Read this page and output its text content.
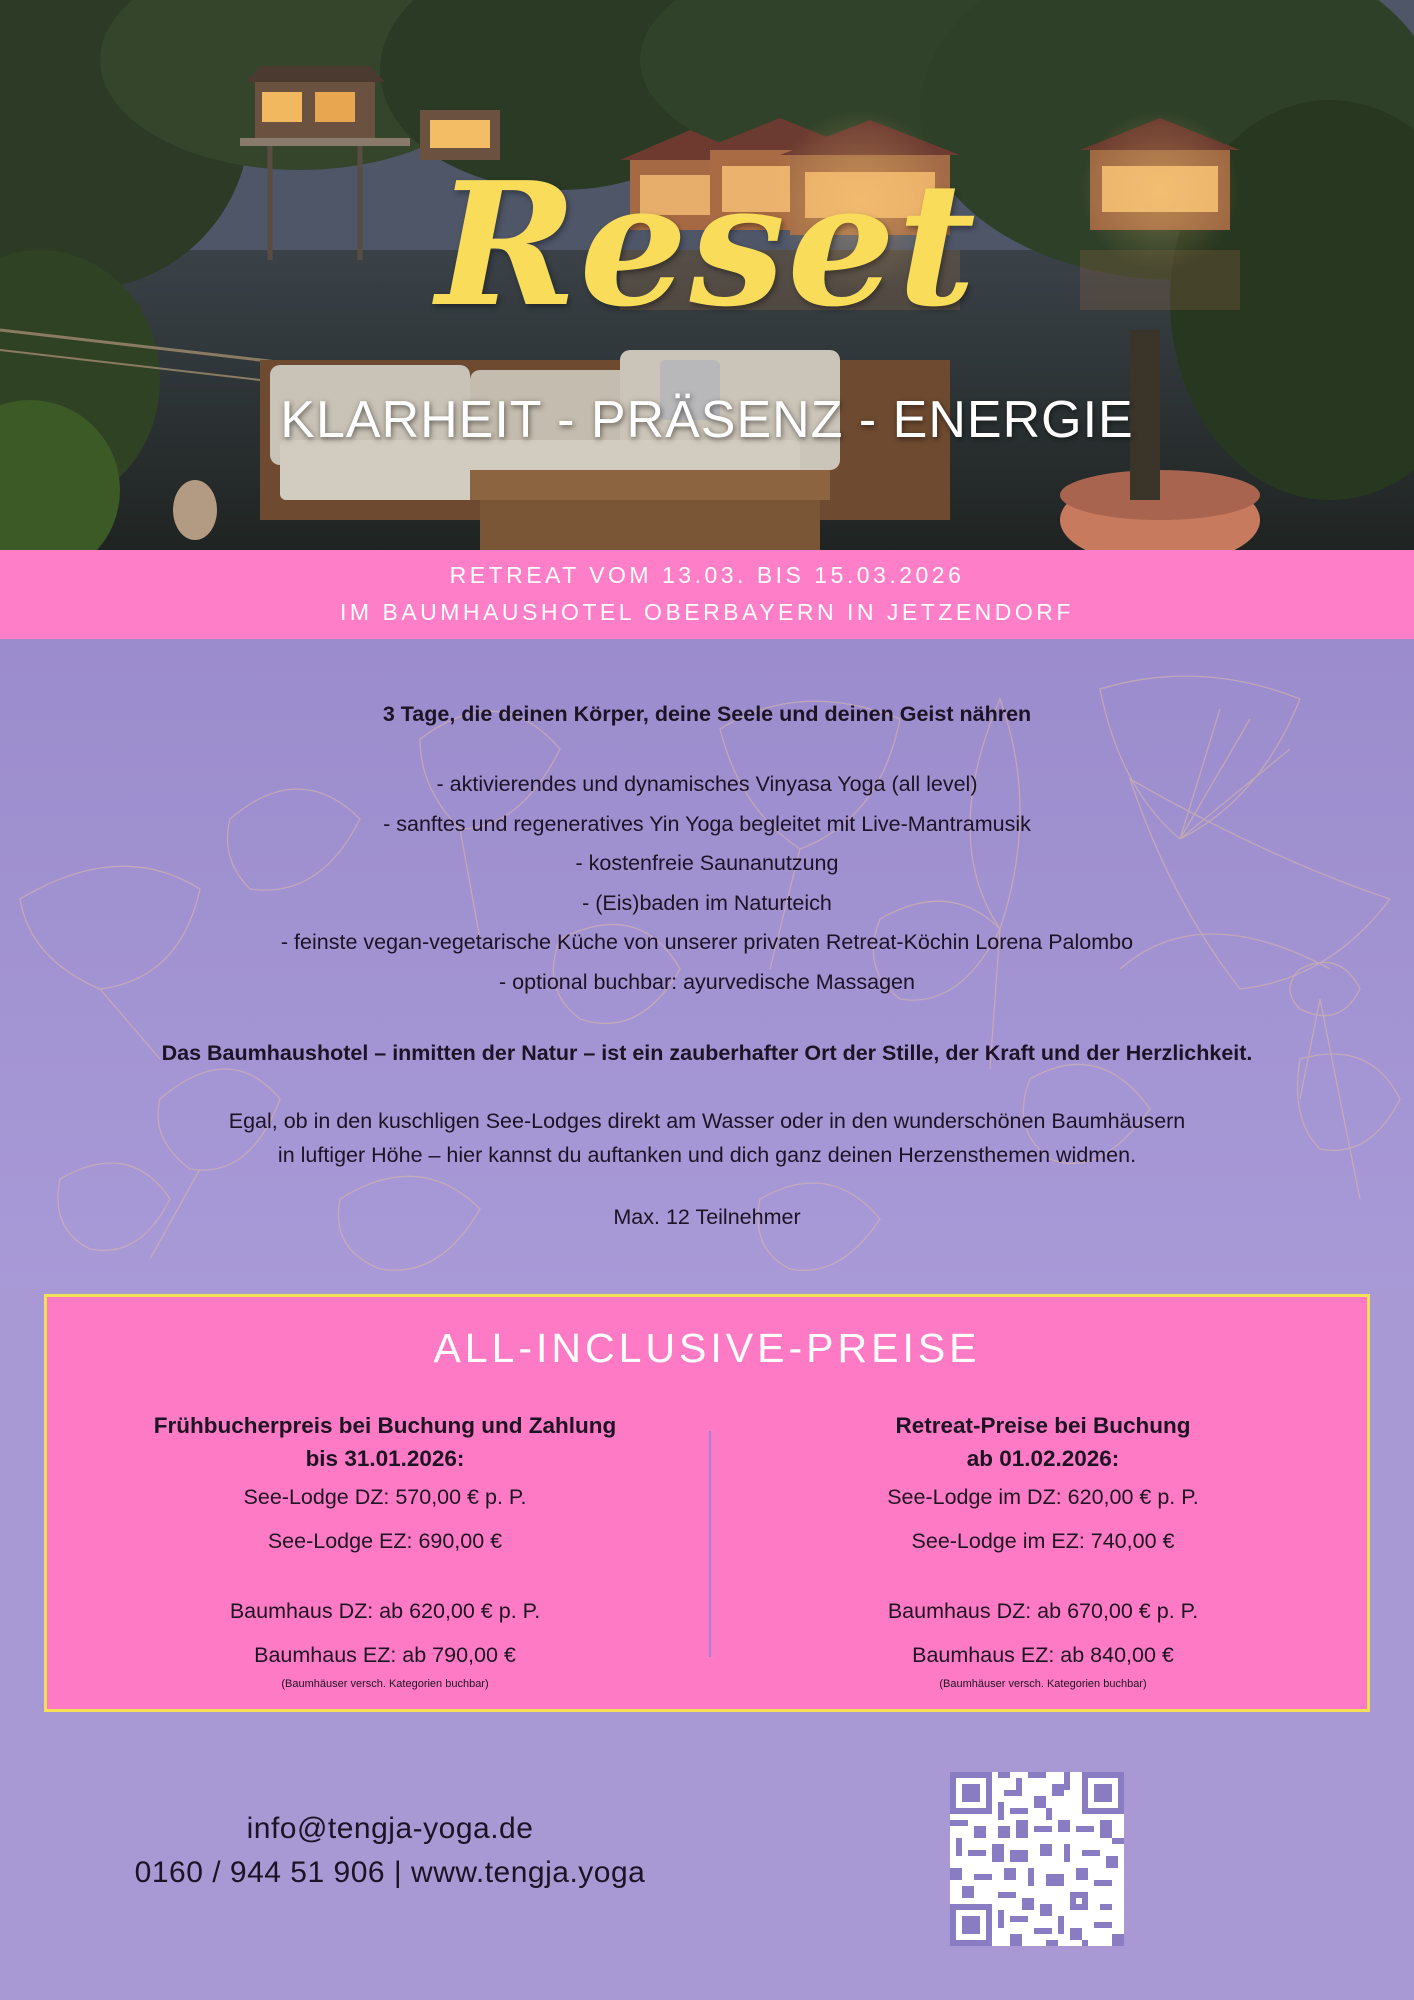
Reset
KLARHEIT - PRÄSENZ - ENERGIE
RETREAT VOM 13.03. BIS 15.03.2026
IM BAUMHAUSHOTEL OBERBAYERN IN JETZENDORF
3 Tage, die deinen Körper, deine Seele und deinen Geist nähren
- aktivierendes und dynamisches Vinyasa Yoga (all level)
- sanftes und regeneratives Yin Yoga begleitet mit Live-Mantramusik
- kostenfreie Saunanutzung
- (Eis)baden im Naturteich
- feinste vegan-vegetarische Küche von unserer privaten Retreat-Köchin Lorena Palombo
- optional buchbar: ayurvedische Massagen
Das Baumhaushotel – inmitten der Natur – ist ein zauberhafter Ort der Stille, der Kraft und der Herzlichkeit.
Egal, ob in den kuschligen See-Lodges direkt am Wasser oder in den wunderschönen Baumhäusern
in luftiger Höhe – hier kannst du auftanken und dich ganz deinen Herzensthemen widmen.
Max. 12 Teilnehmer
ALL-INCLUSIVE-PREISE
Frühbucherpreis bei Buchung und Zahlung
bis 31.01.2026:
See-Lodge DZ: 570,00 € p. P.
See-Lodge EZ: 690,00 €
Baumhaus DZ: ab 620,00 € p. P.
Baumhaus EZ: ab 790,00 €
(Baumhäuser versch. Kategorien buchbar)
Retreat-Preise bei Buchung
ab 01.02.2026:
See-Lodge im DZ: 620,00 € p. P.
See-Lodge im EZ: 740,00 €
Baumhaus DZ: ab 670,00 € p. P.
Baumhaus EZ: ab 840,00 €
(Baumhäuser versch. Kategorien buchbar)
info@tengja-yoga.de
0160 / 944 51 906 | www.tengja.yoga
